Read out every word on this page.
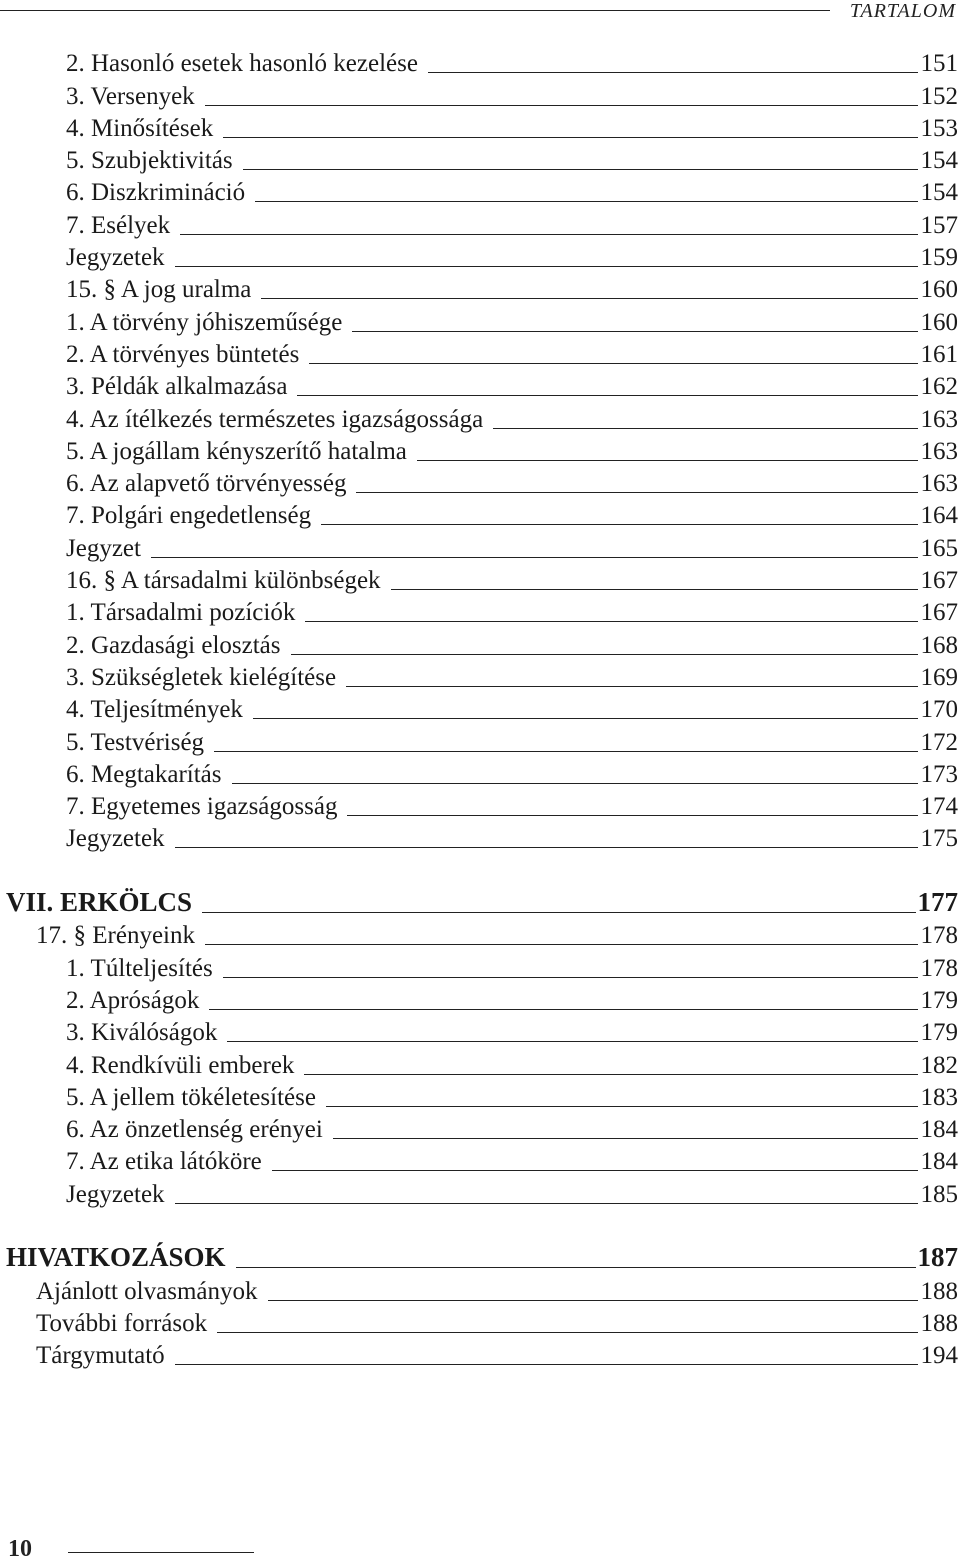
TARTALOM
2. Hasonló esetek hasonló kezelése	151
3. Versenyek	152
4. Minősítések	153
5. Szubjektivitás	154
6. Diszkrimináció	154
7. Esélyek	157
Jegyzetek	159
15. § A jog uralma	160
1. A törvény jóhiszeműsége	160
2. A törvényes büntetés	161
3. Példák alkalmazása	162
4. Az ítélkezés természetes igazságossága	163
5. A jogállam kényszerítő hatalma	163
6. Az alapvető törvényesség	163
7. Polgári engedetlenség	164
Jegyzet	165
16. § A társadalmi különbségek	167
1. Társadalmi pozíciók	167
2. Gazdasági elosztás	168
3. Szükségletek kielégítése	169
4. Teljesítmények	170
5. Testvériség	172
6. Megtakarítás	173
7. Egyetemes igazságosság	174
Jegyzetek	175
VII. ERKÖLCS	177
17. § Erényeink	178
1. Túlteljesítés	178
2. Apróságok	179
3. Kiválóságok	179
4. Rendkívüli emberek	182
5. A jellem tökéletesítése	183
6. Az önzetlenség erényei	184
7. Az etika látóköre	184
Jegyzetek	185
HIVATKOZÁSOK	187
Ajánlott olvasmányok	188
További források	188
Tárgymutató	194
10
